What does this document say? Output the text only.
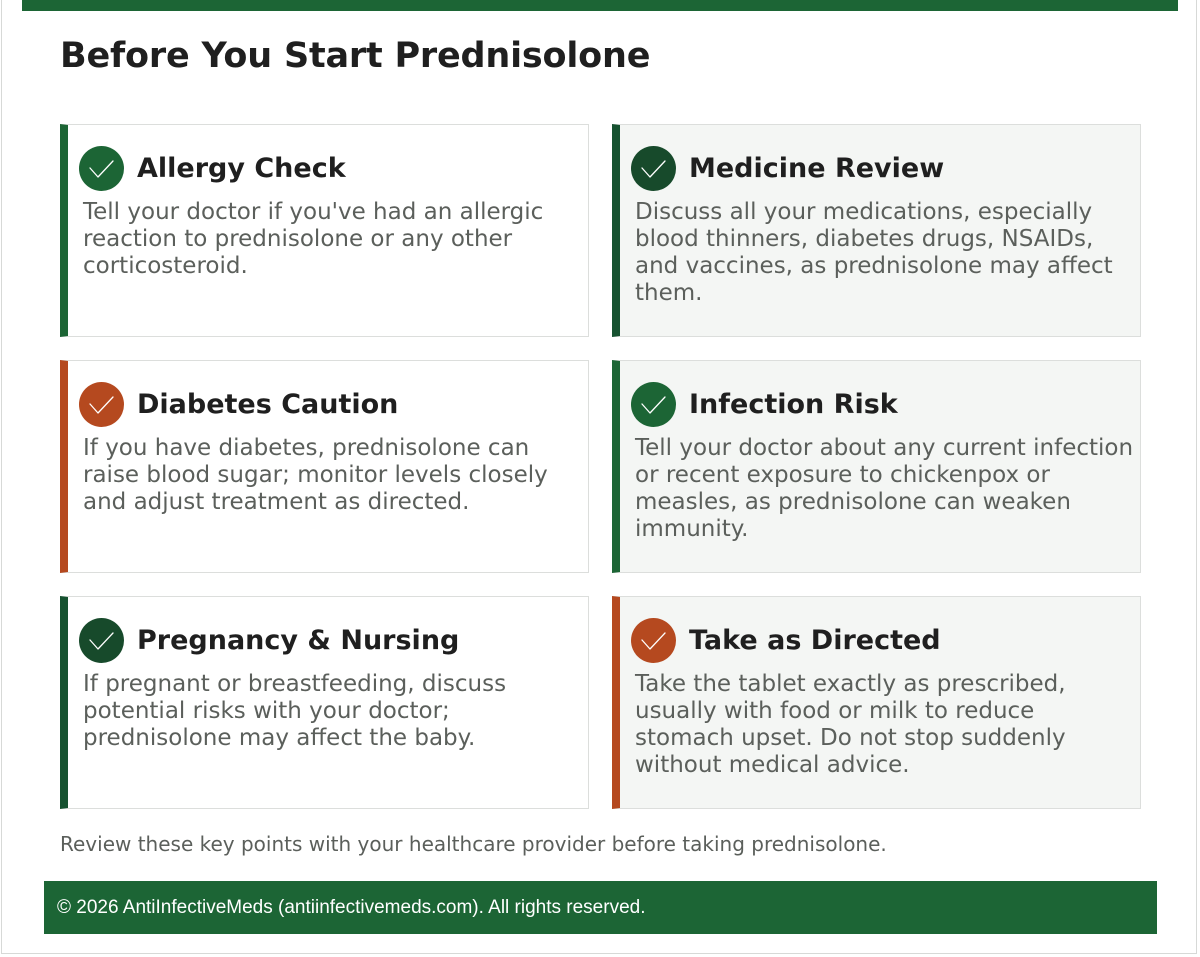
Before You Start Prednisolone
Allergy Check

Tell your doctor if you've had an allergic reaction to prednisolone or any other corticosteroid.

Medicine Review

Discuss all your medications, especially blood thinners, diabetes drugs, NSAIDs, and vaccines, as prednisolone may affect them.

Diabetes Caution

If you have diabetes, prednisolone can raise blood sugar; monitor levels closely and adjust treatment as directed.

Infection Risk

Tell your doctor about any current infection or recent exposure to chickenpox or measles, as prednisolone can weaken immunity.

Pregnancy & Nursing

If pregnant or breastfeeding, discuss potential risks with your doctor; prednisolone may affect the baby.

Take as Directed

Take the tablet exactly as prescribed, usually with food or milk to reduce stomach upset. Do not stop suddenly without medical advice.

Review these key points with your healthcare provider before taking prednisolone.

© 2026 AntiInfectiveMeds (antiinfectivemeds.com). All rights reserved.
